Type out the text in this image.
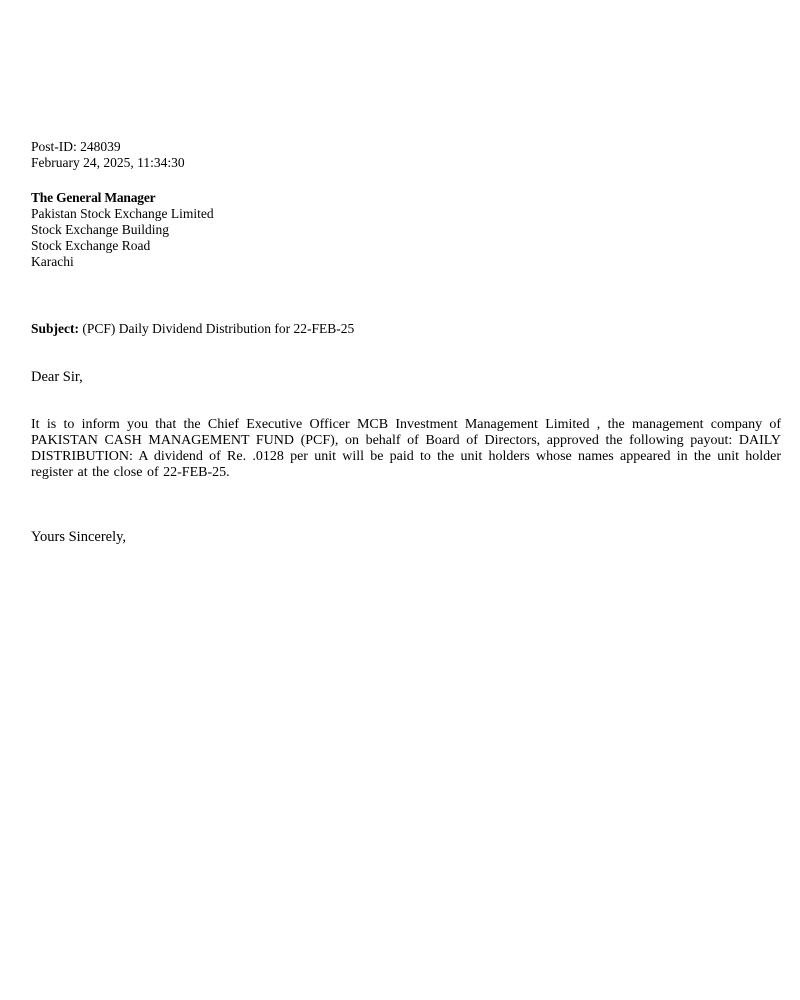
Post-ID: 248039
February 24, 2025, 11:34:30
The General Manager
Pakistan Stock Exchange Limited
Stock Exchange Building
Stock Exchange Road
Karachi
Subject: (PCF) Daily Dividend Distribution for 22-FEB-25
Dear Sir,
It is to inform you that the Chief Executive Officer MCB Investment Management Limited , the management company of PAKISTAN CASH MANAGEMENT FUND (PCF), on behalf of Board of Directors, approved the following payout: DAILY DISTRIBUTION: A dividend of Re. .0128 per unit will be paid to the unit holders whose names appeared in the unit holder register at the close of 22-FEB-25.
Yours Sincerely,
